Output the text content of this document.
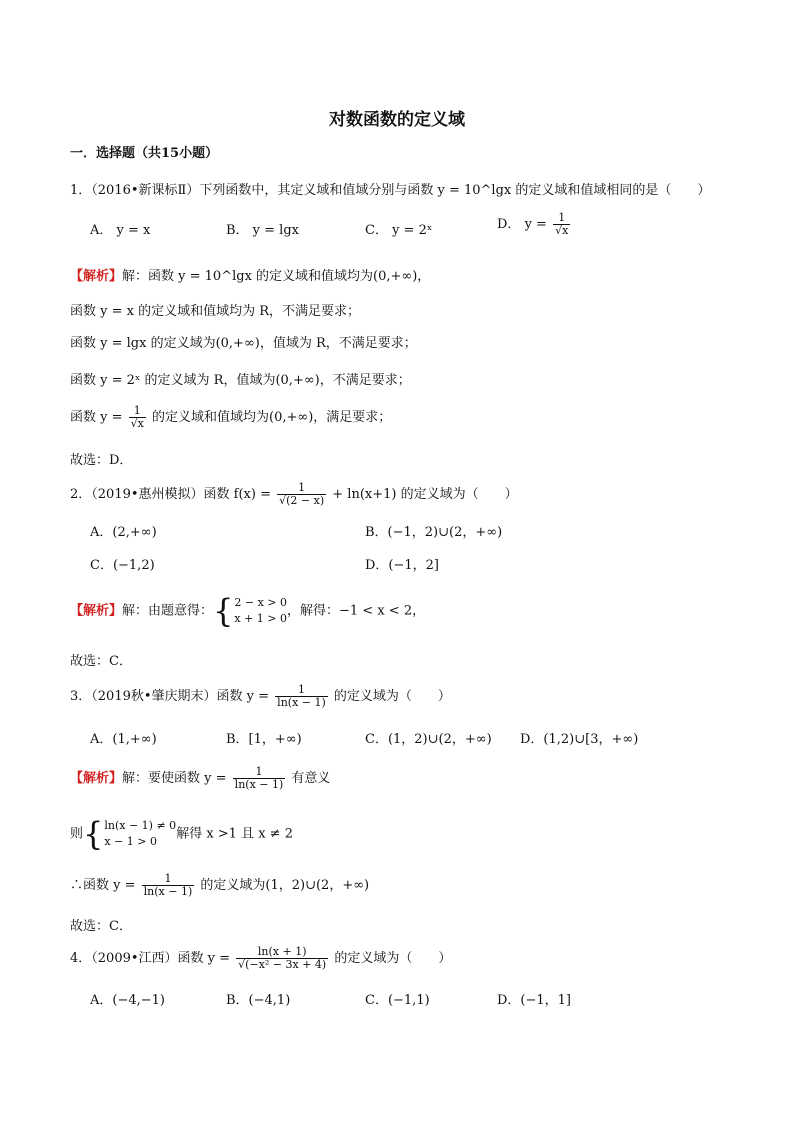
对数函数的定义域
一．选择题（共15小题）
1．（2016•新课标Ⅱ）下列函数中，其定义域和值域分别与函数 y = 10^lgx 的定义域和值域相同的是（　　）
A． y = x	B． y = lgx	C． y = 2ˣ	D． $y = \frac{1}{√x}$
【解析】解：函数 y = 10^lgx 的定义域和值域均为(0,+∞)，
函数 y = x 的定义域和值域均为 R，不满足要求；
函数 y = lgx 的定义域为(0,+∞)，值域为 R，不满足要求；
函数 y = 2ˣ 的定义域为 R，值域为(0,+∞)，不满足要求；
函数 $y = \frac{1}{√x}$ 的定义域和值域均为(0,+∞)，满足要求；
故选：D．
2．（2019•惠州模拟）函数 $f(x) = \frac{1}{√(2 - x)} + \ln(x+1)$ 的定义域为（　　）
A．(2,+∞)	B．(−1，2)∪(2，+∞)
C．(−1,2)	D．(−1，2]
【解析】解：由题意得：{ 2 − x > 0
x + 1 > 0 ，解得：−1 < x < 2，
故选：C．
3．（2019秋•肇庆期末）函数 $y = \frac{1}{\ln(x - 1)}$ 的定义域为（　　）
A．(1,+∞)	B．[1，+∞)	C．(1，2)∪(2，+∞) D．(1,2)∪[3，+∞)
【解析】解：要使函数 $y = \frac{1}{\ln(x - 1)}$ 有意义
则{ ln(x − 1) ≠ 0
x − 1 > 0	解得 x >1 且 x ≠ 2
∴函数 $y = \frac{1}{\ln(x - 1)}$ 的定义域为(1，2)∪(2，+∞)
故选：C．
4．（2009•江西）函数 $y = \frac{\ln(x + 1)}{\text{√(−x² − 3x + 4)}}$ 的定义域为（　　）
A．(−4,−1)	B．(−4,1)	C．(−1,1)	D．(−1，1]
